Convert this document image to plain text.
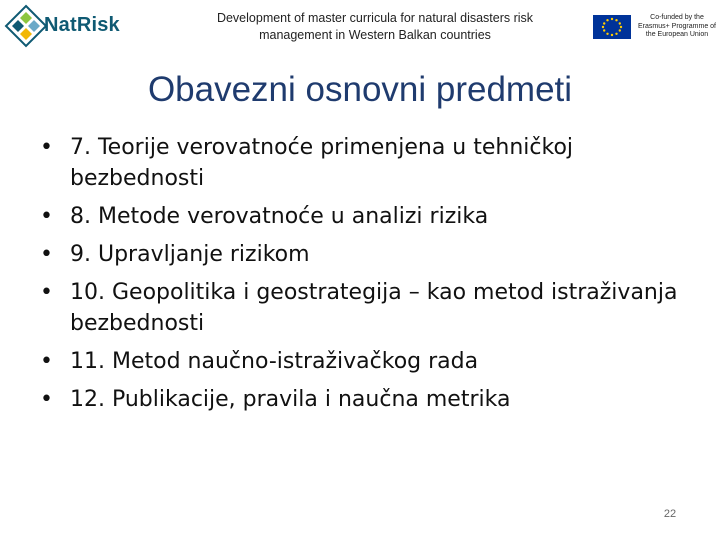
NatRisk	Development of master curricula for natural disasters risk management in Western Balkan countries
Co-funded by the Erasmus+ Programme of the European Union
Obavezni osnovni predmeti
• 7. Teorije verovatnoće primenjena u tehničkoj bezbednosti
• 8. Metode verovatnoće u analizi rizika
• 9. Upravljanje rizikom
• 10. Geopolitika i geostrategija – kao metod istraživanja bezbednosti
• 11. Metod naučno-istraživačkog rada
• 12. Publikacije, pravila i naučna metrika
22
